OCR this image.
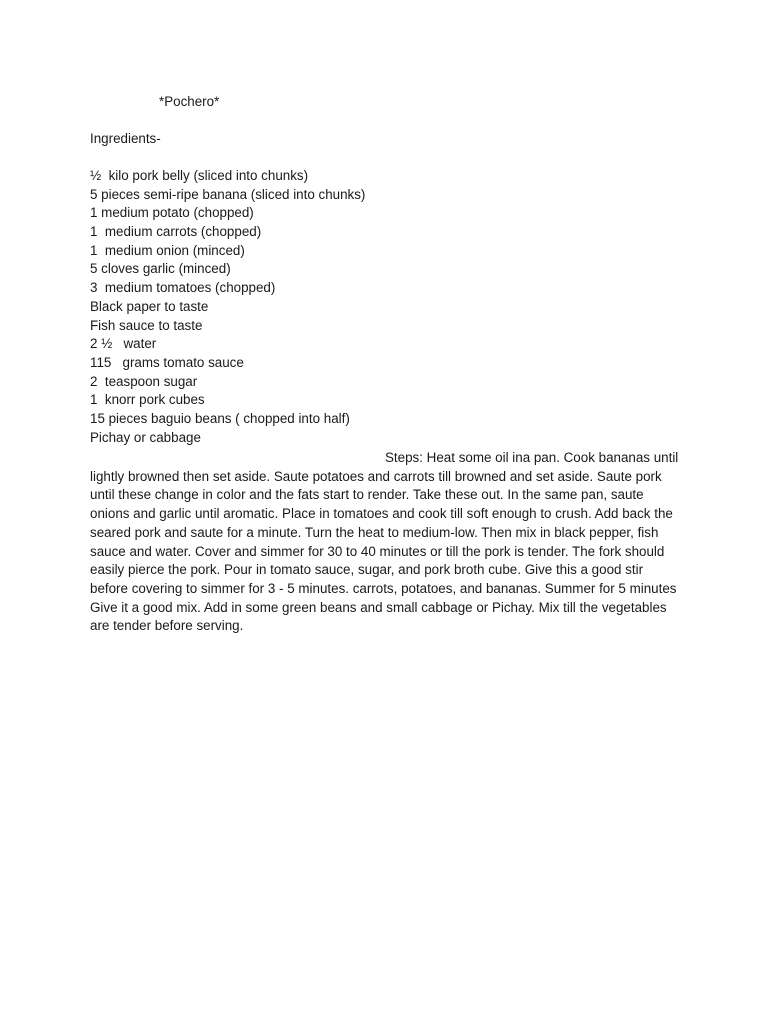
*Pochero*
Ingredients-
½  kilo pork belly (sliced into chunks)
5 pieces semi-ripe banana (sliced into chunks)
1 medium potato (chopped)
1  medium carrots (chopped)
1  medium onion (minced)
5 cloves garlic (minced)
3  medium tomatoes (chopped)
Black paper to taste
Fish sauce to taste
2 ½   water
115   grams tomato sauce
2  teaspoon sugar
1  knorr pork cubes
15 pieces baguio beans ( chopped into half)
Pichay or cabbage

Steps: Heat some oil ina pan. Cook bananas until lightly browned then set aside. Saute potatoes and carrots till browned and set aside. Saute pork until these change in color and the fats start to render. Take these out. In the same pan, saute onions and garlic until aromatic. Place in tomatoes and cook till soft enough to crush. Add back the seared pork and saute for a minute. Turn the heat to medium-low. Then mix in black pepper, fish sauce and water. Cover and simmer for 30 to 40 minutes or till the pork is tender. The fork should easily pierce the pork. Pour in tomato sauce, sugar, and pork broth cube. Give this a good stir before covering to simmer for 3 - 5 minutes. carrots, potatoes, and bananas. Summer for 5 minutes Give it a good mix. Add in some green beans and small cabbage or Pichay. Mix till the vegetables are tender before serving.
